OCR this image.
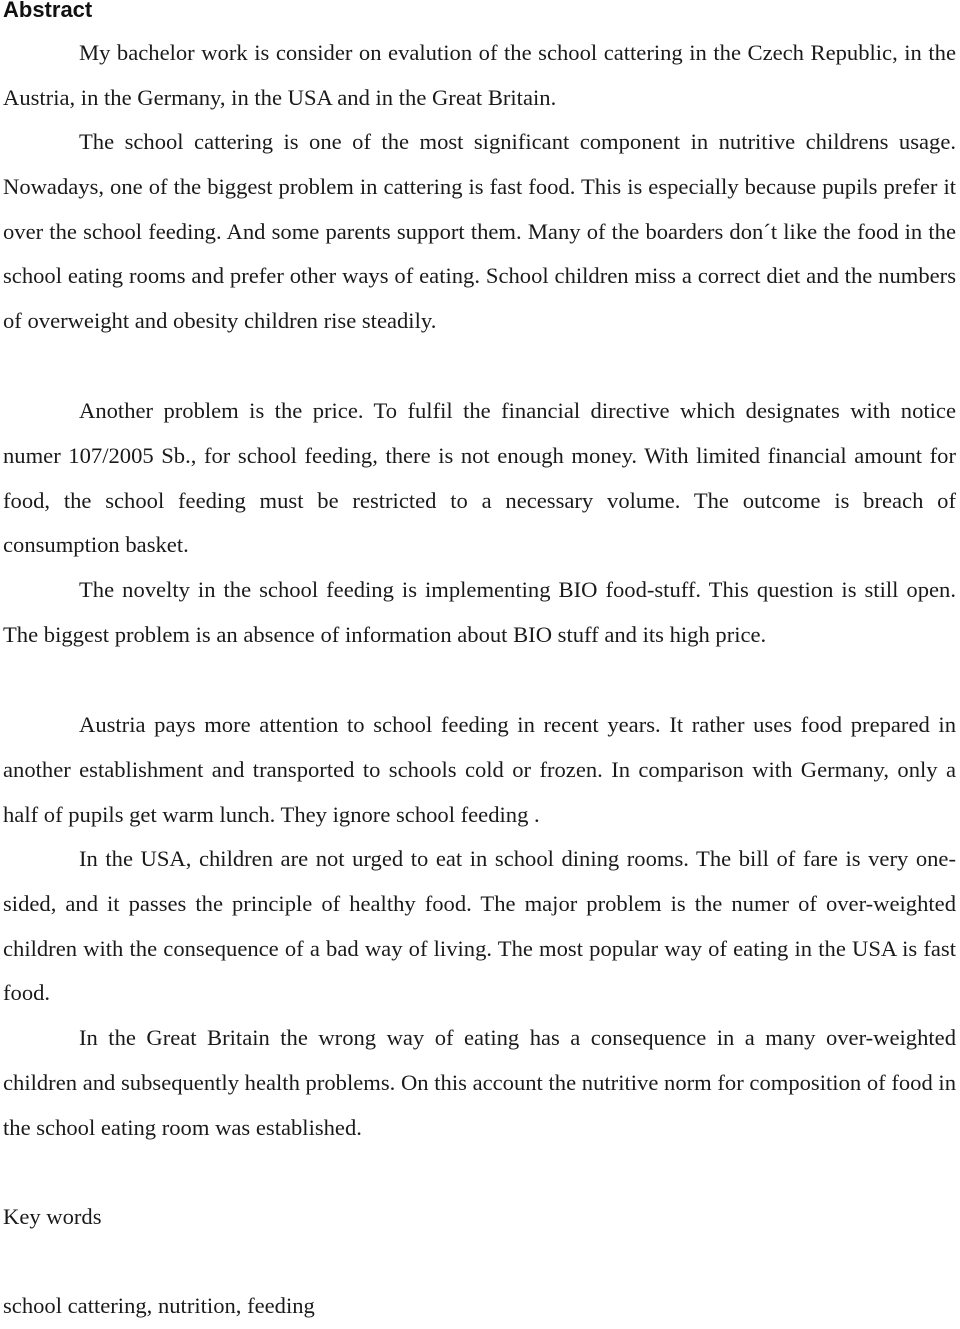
Abstract

My bachelor work is consider on evalution of the school cattering in the Czech Republic, in the Austria, in the Germany, in the USA and in the Great Britain.

The school cattering is one of the most significant component in nutritive childrens usage. Nowadays, one of the biggest problem in cattering is fast food. This is especially because pupils prefer it over the school feeding. And some parents support them. Many of the boarders don´t like the food in the school eating rooms and prefer other ways of eating. School children miss a correct diet and the numbers of overweight and obesity children rise steadily.

Another problem is the price. To fulfil the financial directive which designates with notice numer 107/2005 Sb., for school feeding, there is not enough money. With limited financial amount for food, the school feeding must be restricted to a necessary volume. The outcome is breach of consumption basket.

The novelty in the school feeding is implementing BIO food-stuff. This question is still open. The biggest problem is an absence of information about BIO stuff and its high price.

Austria pays more attention to school feeding in recent years. It rather uses food prepared in another establishment and transported to schools cold or frozen. In comparison with Germany, only a half of pupils get warm lunch. They ignore school feeding .

In the USA, children are not urged to eat in school dining rooms. The bill of fare is very one-sided, and it passes the principle of healthy food. The major problem is the numer of over-weighted children with the consequence of a bad way of living. The most popular way of eating in the USA is fast food.

In the Great Britain the wrong way of eating has a consequence in a many over-weighted children and subsequently health problems. On this account the nutritive norm for composition of food in the school eating room was established.

Key words

school cattering, nutrition, feeding
